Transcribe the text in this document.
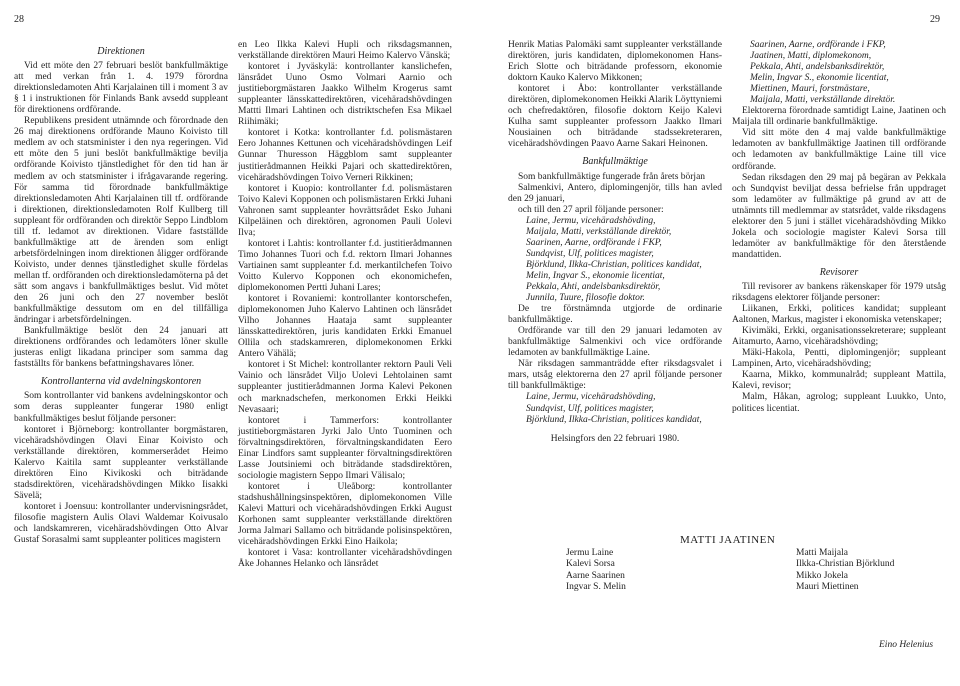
28	29
Direktionen

Vid ett möte den 27 februari beslöt bankfullmäktige att med verkan från 1. 4. 1979 förordna direktionsledamoten Ahti Karjalainen till i moment 3 av § 1 i instruktionen för Finlands Bank avsedd suppleant för direktionens ordförande.

Republikens president utnämnde och förordnade den 26 maj direktionens ordförande Mauno Koivisto till medlem av och statsminister i den nya regeringen. Vid ett möte den 5 juni beslöt bankfullmäktige bevilja ordförande Koivisto tjänstledighet för den tid han är medlem av och statsminister i ifrågavarande regering. För samma tid förordnade bankfullmäktige direktionsledamoten Ahti Karjalainen till tf. ordförande i direktionen, direktionsledamoten Rolf Kullberg till suppleant för ordföranden och direktör Seppo Lindblom till tf. ledamot av direktionen. Vidare fastställde bankfullmäktige att de ärenden som enligt arbetsfördelningen inom direktionen åligger ordförande Koivisto, under dennes tjänstledighet skulle fördelas mellan tf. ordföranden och direktionsledamöterna på det sätt som angavs i bankfullmäktiges beslut. Vid mötet den 26 juni och den 27 november beslöt bankfullmäktige dessutom om en del tillfälliga ändringar i arbetsfördelningen.

Bankfullmäktige beslöt den 24 januari att direktionens ordförandes och ledamöters löner skulle justeras enligt likadana principer som samma dag fastställts för bankens befattningshavares löner.

Kontrollanterna vid avdelningskontoren

Som kontrollanter vid bankens avdelningskontor och som deras suppleanter fungerar 1980 enligt bankfullmäktiges beslut följande personer:

kontoret i Björneborg: kontrollanter borgmästaren, vicehäradshövdingen Olavi Einar Koivisto och verkställande direktören, kommerserådet Heimo Kalervo Kaitila samt suppleanter verkställande direktören Eino Kivikoski och biträdande stadsdirektören, vicehäradshövdingen Mikko Iisakki Sävelä;

kontoret i Joensuu: kontrollanter undervisningsrådet, filosofie magistern Aulis Olavi Waldemar Koivusalo och landskamreren, vicehäradshövdingen Otto Alvar Gustaf Sorasalmi samt suppleanter politices magistern

en Leo Ilkka Kalevi Hupli och riksdagsmannen, verkställande direktören Mauri Heimo Kalervo Vänskä;

kontoret i Jyväskylä: kontrollanter kanslichefen, länsrådet Uuno Osmo Volmari Aarnio och justitieborgmästaren Jaakko Wilhelm Krogerus samt suppleanter länsskattedirektören, vicehäradshövdingen Mattti Ilmari Lahtinen och distriktschefen Esa Mikael Riihimäki;

kontoret i Kotka: kontrollanter f.d. polismästaren Eero Johannes Kettunen och vicehäradshövdingen Leif Gunnar Thuresson Häggblom samt suppleanter justitierådmannen Heikki Pajari och skattedirektören, vicehäradshövdingen Toivo Verneri Rikkinen;

kontoret i Kuopio: kontrollanter f.d. polismästaren Toivo Kalevi Kopponen och polismästaren Erkki Juhani Vahronen samt suppleanter hovrättsrådet Esko Juhani Kilpeläinen och direktören, agronomen Pauli Uolevi Ilva;

kontoret i Lahtis: kontrollanter f.d. justitierådmannen Timo Johannes Tuori och f.d. rektorn Ilmari Johannes Vartiainen samt suppleanter f.d. merkantilchefen Toivo Voitto Kulervo Kopponen och ekonomichefen, diplomekonomen Pertti Juhani Lares;

kontoret i Rovaniemi: kontrollanter kontorschefen, diplomekonomen Juho Kalervo Lahtinen och länsrådet Vilho Johannes Haataja samt suppleanter länsskattedirektören, juris kandidaten Erkki Emanuel Ollila och stadskamreren, diplomekonomen Erkki Antero Vähälä;

kontoret i St Michel: kontrollanter rektorn Pauli Veli Vainio och länsrådet Viljo Uolevi Lehtolainen samt suppleanter justitierådmannen Jorma Kalevi Pekonen och marknadschefen, merkonomen Erkki Heikki Nevasaari;

kontoret i Tammerfors: kontrollanter justitieborgmästaren Jyrki Jalo Unto Tuominen och förvaltningsdirektören, förvaltningskandidaten Eero Einar Lindfors samt suppleanter förvaltningsdirektören Lasse Joutsiniemi och biträdande stadsdirektören, sociologie magistern Seppo Ilmari Välisalo;

kontoret i Uleåborg: kontrollanter stadshushållningsinspektören, diplomekonomen Ville Kalevi Matturi och vicehäradshövdingen Erkki August Korhonen samt suppleanter verkställande direktören Jorma Jalmari Sallamo och biträdande polisinspektören, vicehäradshövdingen Erkki Eino Haikola;

kontoret i Vasa: kontrollanter vicehäradshövdingen Åke Johannes Helanko och länsrådet

Henrik Matias Palomäki samt suppleanter verkställande direktören, juris kandidaten, diplomekonomen Hans-Erich Slotte och biträdande professorn, ekonomie doktorn Kauko Kalervo Mikkonen;

kontoret i Åbo: kontrollanter verkställande direktören, diplomekonomen Heikki Alarik Löyttyniemi och chefredaktören, filosofie doktorn Keijo Kalevi Kulha samt suppleanter professorn Jaakko Ilmari Nousiainen och biträdande stadssekreteraren, vicehäradshövdingen Paavo Aarne Sakari Heinonen.

Bankfullmäktige

Som bankfullmäktige fungerade från årets början

Salmenkivi, Antero, diplomingenjör, tills han avled den 29 januari,

och till den 27 april följande personer:

Laine, Jermu, vicehäradshövding,

Maijala, Matti, verkställande direktör,

Saarinen, Aarne, ordförande i FKP,

Sundqvist, Ulf, politices magister,

Björklund, Ilkka-Christian, politices kandidat,

Melin, Ingvar S., ekonomie licentiat,

Pekkala, Ahti, andelsbanksdirektör,

Junnila, Tuure, filosofie doktor.

De tre förstnämnda utgjorde de ordinarie bankfullmäktige.

Ordförande var till den 29 januari ledamoten av bankfullmäktige Salmenkivi och vice ordförande ledamoten av bankfullmäktige Laine.

När riksdagen sammanträdde efter riksdagsvalet i mars, utsåg elektorerna den 27 april följande personer till bankfullmäktige:

Laine, Jermu, vicehäradshövding,

Sundqvist, Ulf, politices magister,

Björklund, Ilkka-Christian, politices kandidat,

Helsingfors den 22 februari 1980.

Saarinen, Aarne, ordförande i FKP,

Jaatinen, Matti, diplomekonom,

Pekkala, Ahti, andelsbanksdirektör,

Melin, Ingvar S., ekonomie licentiat,

Miettinen, Mauri, forstmästare,

Maijala, Matti, verkställande direktör.

Elektorerna förordnade samtidigt Laine, Jaatinen och Maijala till ordinarie bankfullmäktige.

Vid sitt möte den 4 maj valde bankfullmäktige ledamoten av bankfullmäktige Jaatinen till ordförande och ledamoten av bankfullmäktige Laine till vice ordförande.

Sedan riksdagen den 29 maj på begäran av Pekkala och Sundqvist beviljat dessa befrielse från uppdraget som ledamöter av fullmäktige på grund av att de utnämnts till medlemmar av statsrådet, valde riksdagens elektorer den 5 juni i stället vicehäradshövding Mikko Jokela och sociologie magister Kalevi Sorsa till ledamöter av bankfullmäktige för den återstående mandattiden.

Revisorer

Till revisorer av bankens räkenskaper för 1979 utsåg riksdagens elektorer följande personer:

Liikanen, Erkki, politices kandidat; suppleant Aaltonen, Markus, magister i ekonomiska vetenskaper;

Kivimäki, Erkki, organisationssekreterare; suppleant Aitamurto, Aarno, vicehäradshövding;

Mäki-Hakola, Pentti, diplomingenjör; suppleant Lampinen, Arto, vicehäradshövding;

Kaarna, Mikko, kommunalråd; suppleant Mattila, Kalevi, revisor;

Malm, Håkan, agrolog; suppleant Luukko, Unto, politices licentiat.

MATTI JAATINEN
Jermu Laine
Kalevi Sorsa
Aarne Saarinen
Ingvar S. Melin
Matti Maijala
Ilkka-Christian Björklund
Mikko Jokela
Mauri Miettinen
Eino Helenius
